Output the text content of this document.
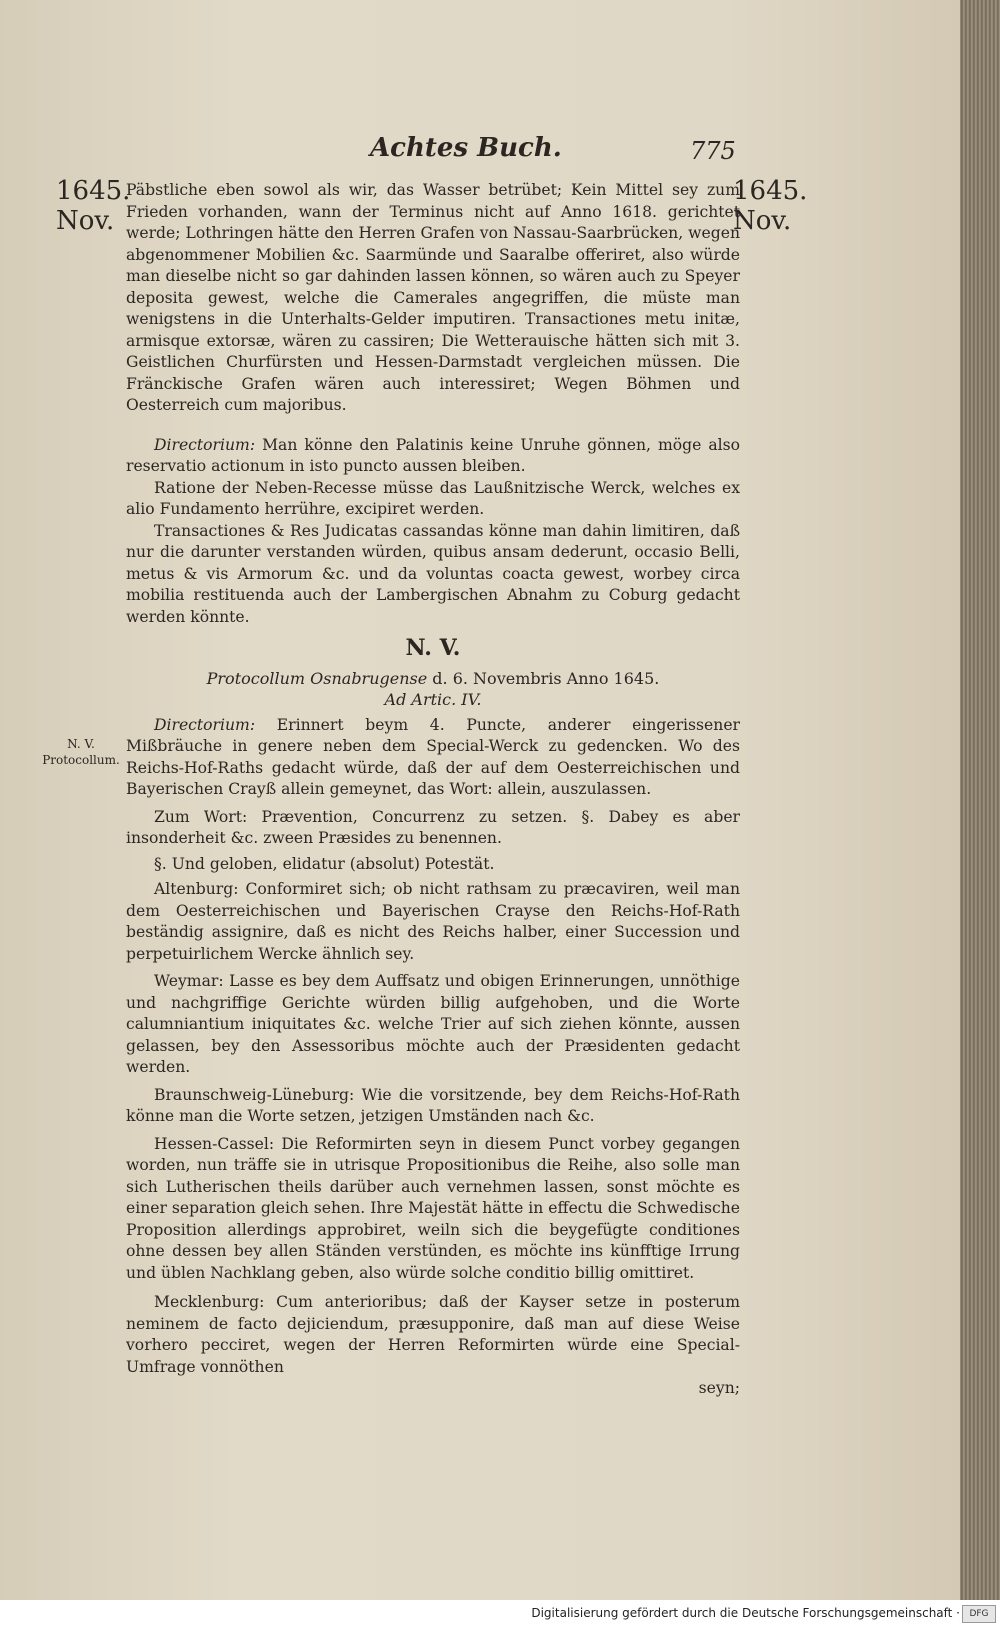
Achtes Buch.	775
1645.
Nov.
1645.
Nov.
N. V.
Protocollum.

Päbstliche eben sowol als wir, das Wasser betrübet; Kein Mittel sey zum Frieden vorhanden, wann der Terminus nicht auf Anno 1618. gerichtet werde; Lothringen hätte den Herren Grafen von Nassau-Saarbrücken, wegen abgenommener Mobilien &c. Saarmünde und Saaralbe offeriret, also würde man dieselbe nicht so gar dahinden lassen können, so wären auch zu Speyer deposita gewest, welche die Camerales angegriffen, die müste man wenigstens in die Unterhalts-Gelder imputiren. Transactiones metu initæ, armisque extorsæ, wären zu cassiren; Die Wetterauische hätten sich mit 3. Geistlichen Churfürsten und Hessen-Darmstadt vergleichen müssen. Die Fränckische Grafen wären auch interessiret; Wegen Böhmen und Oesterreich cum majoribus.

Directorium: Man könne den Palatinis keine Unruhe gönnen, möge also reservatio actionum in isto puncto aussen bleiben.

Ratione der Neben-Recesse müsse das Laußnitzische Werck, welches ex alio Fundamento herrühre, excipiret werden.

Transactiones & Res Judicatas cassandas könne man dahin limitiren, daß nur die darunter verstanden würden, quibus ansam dederunt, occasio Belli, metus & vis Armorum &c. und da voluntas coacta gewest, worbey circa mobilia restituenda auch der Lambergischen Abnahm zu Coburg gedacht werden könnte.

N. V.

Protocollum Osnabrugense d. 6. Novembris Anno 1645.

Ad Artic. IV.

Directorium: Erinnert beym 4. Puncte, anderer eingerissener Mißbräuche in genere neben dem Special-Werck zu gedencken. Wo des Reichs-Hof-Raths gedacht würde, daß der auf dem Oesterreichischen und Bayerischen Crayß allein gemeynet, das Wort: allein, auszulassen.

Zum Wort: Prævention, Concurrenz zu setzen. §. Dabey es aber insonderheit &c. zween Præsides zu benennen.

§. Und geloben, elidatur (absolut) Potestät.

Altenburg: Conformiret sich; ob nicht rathsam zu præcaviren, weil man dem Oesterreichischen und Bayerischen Crayse den Reichs-Hof-Rath beständig assignire, daß es nicht des Reichs halber, einer Succession und perpetuirlichem Wercke ähnlich sey.

Weymar: Lasse es bey dem Auffsatz und obigen Erinnerungen, unnöthige und nachgriffige Gerichte würden billig aufgehoben, und die Worte calumniantium iniquitates &c. welche Trier auf sich ziehen könnte, aussen gelassen, bey den Assessoribus möchte auch der Præsidenten gedacht werden.

Braunschweig-Lüneburg: Wie die vorsitzende, bey dem Reichs-Hof-Rath könne man die Worte setzen, jetzigen Umständen nach &c.

Hessen-Cassel: Die Reformirten seyn in diesem Punct vorbey gegangen worden, nun träffe sie in utrisque Propositionibus die Reihe, also solle man sich Lutherischen theils darüber auch vernehmen lassen, sonst möchte es einer separation gleich sehen. Ihre Majestät hätte in effectu die Schwedische Proposition allerdings approbiret, weiln sich die beygefügte conditiones ohne dessen bey allen Ständen verstünden, es möchte ins künfftige Irrung und üblen Nachklang geben, also würde solche conditio billig omittiret.

Mecklenburg: Cum anterioribus; daß der Kayser setze in posterum neminem de facto dejiciendum, præsupponire, daß man auf diese Weise vorhero pecciret, wegen der Herren Reformirten würde eine Special-Umfrage vonnöthen

seyn;

Digitalisierung gefördert durch die Deutsche Forschungsgemeinschaft ·	DFG
